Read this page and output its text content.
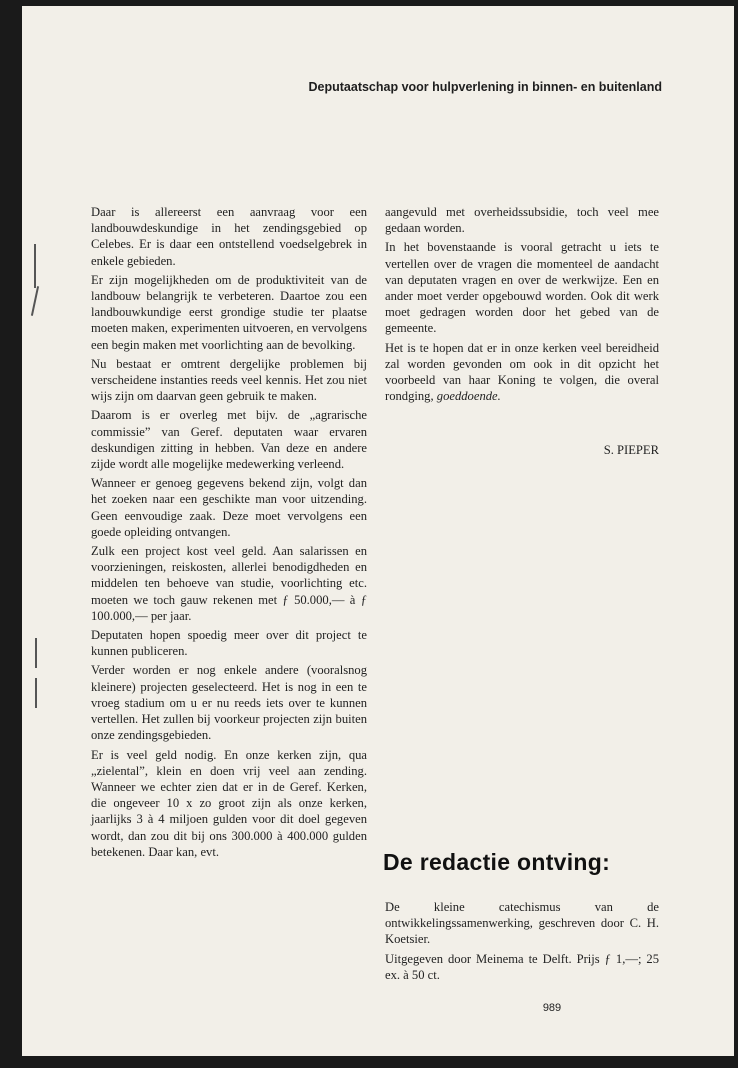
Deputaatschap voor hulpverlening in binnen- en buitenland

Daar is allereerst een aanvraag voor een landbouwdeskundige in het zendingsgebied op Celebes. Er is daar een ontstellend voedselgebrek in enkele gebieden.

Er zijn mogelijkheden om de produktiviteit van de landbouw belangrijk te verbeteren. Daartoe zou een landbouwkundige eerst grondige studie ter plaatse moeten maken, experimenten uitvoeren, en vervolgens een begin maken met voorlichting aan de bevolking.

Nu bestaat er omtrent dergelijke problemen bij verscheidene instanties reeds veel kennis. Het zou niet wijs zijn om daarvan geen gebruik te maken.

Daarom is er overleg met bijv. de „agrarische commissie” van Geref. deputaten waar ervaren deskundigen zitting in hebben. Van deze en andere zijde wordt alle mogelijke medewerking verleend.

Wanneer er genoeg gegevens bekend zijn, volgt dan het zoeken naar een geschikte man voor uitzending. Geen eenvoudige zaak. Deze moet vervolgens een goede opleiding ontvangen.

Zulk een project kost veel geld. Aan salarissen en voorzieningen, reiskosten, allerlei benodigdheden en middelen ten behoeve van studie, voorlichting etc. moeten we toch gauw rekenen met ƒ 50.000,— à ƒ 100.000,— per jaar.

Deputaten hopen spoedig meer over dit project te kunnen publiceren.

Verder worden er nog enkele andere (vooralsnog kleinere) projecten geselecteerd. Het is nog in een te vroeg stadium om u er nu reeds iets over te kunnen vertellen. Het zullen bij voorkeur projecten zijn buiten onze zendingsgebieden.

Er is veel geld nodig. En onze kerken zijn, qua „zielental”, klein en doen vrij veel aan zending. Wanneer we echter zien dat er in de Geref. Kerken, die ongeveer 10 x zo groot zijn als onze kerken, jaarlijks 3 à 4 miljoen gulden voor dit doel gegeven wordt, dan zou dit bij ons 300.000 à 400.000 gulden betekenen. Daar kan, evt.

aangevuld met overheidssubsidie, toch veel mee gedaan worden.

In het bovenstaande is vooral getracht u iets te vertellen over de vragen die momenteel de aandacht van deputaten vragen en over de werkwijze. Een en ander moet verder opgebouwd worden. Ook dit werk moet gedragen worden door het gebed van de gemeente.

Het is te hopen dat er in onze kerken veel bereidheid zal worden gevonden om ook in dit opzicht het voorbeeld van haar Koning te volgen, die overal rondging, goeddoende.

S. PIEPER
De redactie ontving:

De kleine catechismus van de ontwikkelingssamenwerking, geschreven door C. H. Koetsier.

Uitgegeven door Meinema te Delft. Prijs ƒ 1,—; 25 ex. à 50 ct.

989
